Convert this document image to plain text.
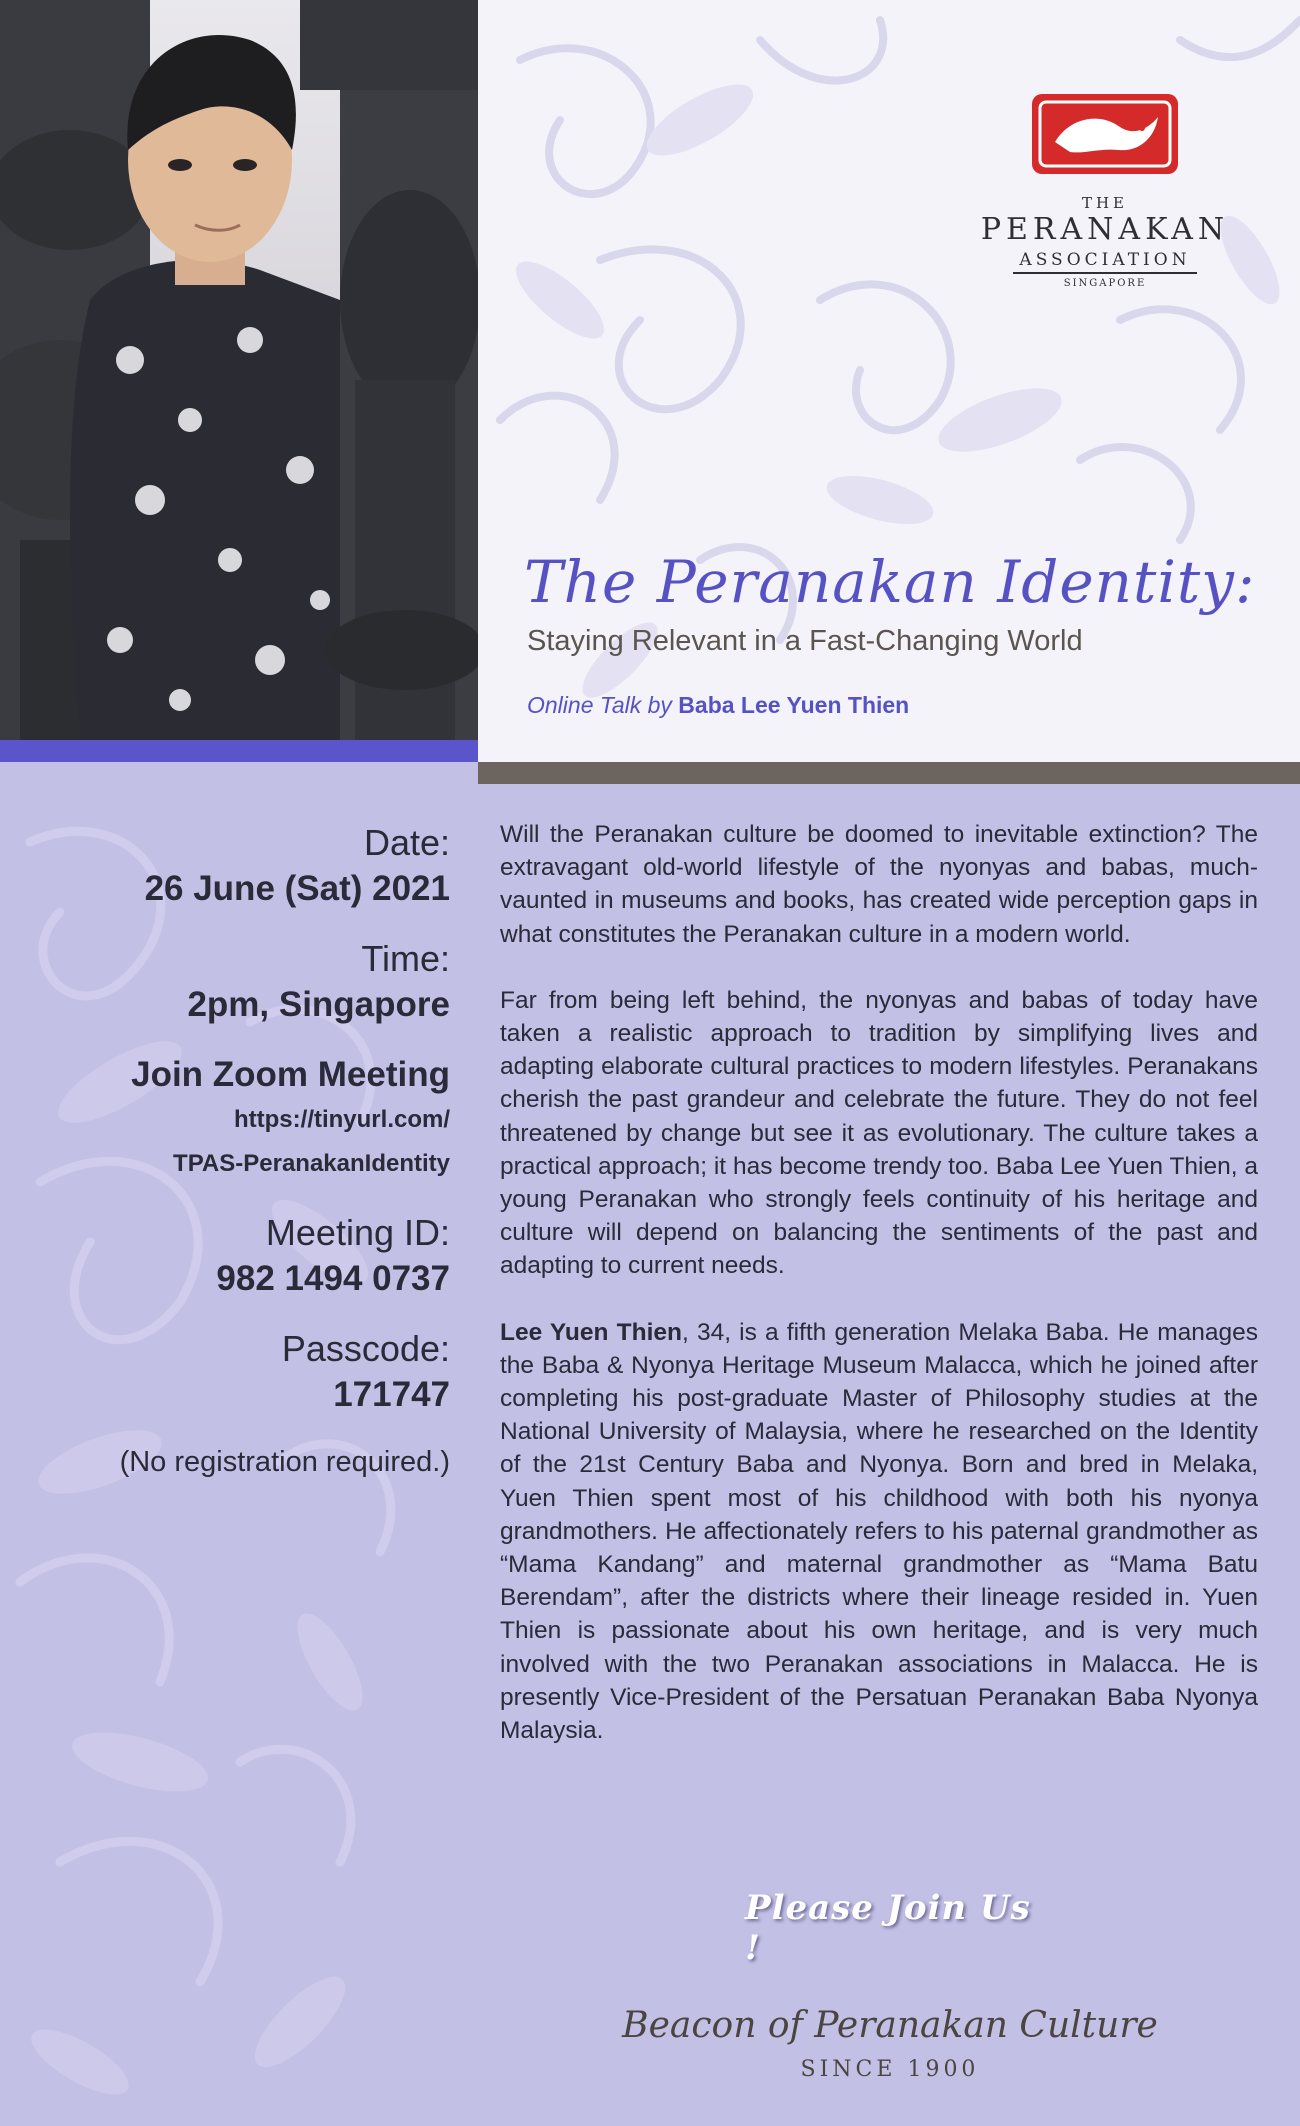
THE
PERANAKAN
ASSOCIATION
SINGAPORE
The Peranakan Identity:
Staying Relevant in a Fast-Changing World
Online Talk by Baba Lee Yuen Thien
Date:
26 June (Sat) 2021
Time:
2pm, Singapore
Join Zoom Meeting
https://tinyurl.com/
TPAS-PeranakanIdentity
Meeting ID:
982 1494 0737
Passcode:
171747
(No registration required.)

Will the Peranakan culture be doomed to inevitable extinction? The extravagant old-world lifestyle of the nyonyas and babas, much-vaunted in museums and books, has created wide perception gaps in what constitutes the Peranakan culture in a modern world.

Far from being left behind, the nyonyas and babas of today have taken a realistic approach to tradition by simplifying lives and adapting elaborate cultural practices to modern lifestyles. Peranakans cherish the past grandeur and celebrate the future. They do not feel threatened by change but see it as evolutionary. The culture takes a practical approach; it has become trendy too. Baba Lee Yuen Thien, a young Peranakan who strongly feels continuity of his heritage and culture will depend on balancing the sentiments of the past and adapting to current needs.

Lee Yuen Thien, 34, is a fifth generation Melaka Baba. He manages the Baba & Nyonya Heritage Museum Malacca, which he joined after completing his post-graduate Master of Philosophy studies at the National University of Malaysia, where he researched on the Identity of the 21st Century Baba and Nyonya. Born and bred in Melaka, Yuen Thien spent most of his childhood with both his nyonya grandmothers. He affectionately refers to his paternal grandmother as “Mama Kandang” and maternal grandmother as “Mama Batu Berendam”, after the districts where their lineage resided in. Yuen Thien is passionate about his own heritage, and is very much involved with the two Peranakan associations in Malacca. He is presently Vice-President of the Persatuan Peranakan Baba Nyonya Malaysia.

Please Join Us !
Beacon of Peranakan Culture
SINCE 1900
